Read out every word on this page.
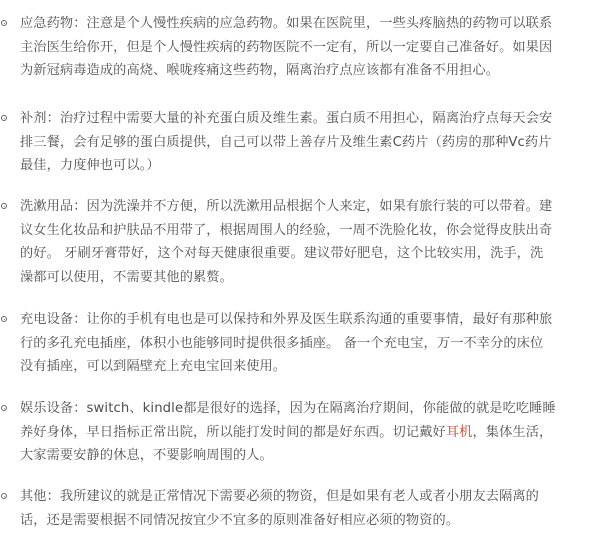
应急药物：注意是个人慢性疾病的应急药物。如果在医院里，一些头疼脑热的药物可以联系
主治医生给你开，但是个人慢性疾病的药物医院不一定有，所以一定要自己准备好。如果因
为新冠病毒造成的高烧、喉咙疼痛这些药物，隔离治疗点应该都有准备不用担心。
补剂：治疗过程中需要大量的补充蛋白质及维生素。蛋白质不用担心，隔离治疗点每天会安
排三餐，会有足够的蛋白质提供，自己可以带上善存片及维生素C药片（药房的那种Vc药片
最佳，力度伸也可以。）
洗漱用品：因为洗澡并不方便，所以洗漱用品根据个人来定，如果有旅行装的可以带着。建
议女生化妆品和护肤品不用带了，根据周围人的经验，一周不洗脸化妆，你会觉得皮肤出奇
的好。 牙刷牙膏带好，这个对每天健康很重要。建议带好肥皂，这个比较实用，洗手，洗
澡都可以使用，不需要其他的累赘。
充电设备：让你的手机有电也是可以保持和外界及医生联系沟通的重要事情，最好有那种旅
行的多孔充电插座，体积小也能够同时提供很多插座。 备一个充电宝，万一不幸分的床位
没有插座，可以到隔壁充上充电宝回来使用。
娱乐设备：switch、kindle都是很好的选择，因为在隔离治疗期间，你能做的就是吃吃睡睡
养好身体，早日指标正常出院，所以能打发时间的都是好东西。切记戴好耳机，集体生活，
大家需要安静的休息，不要影响周围的人。
其他：我所建议的就是正常情况下需要必须的物资，但是如果有老人或者小朋友去隔离的
话，还是需要根据不同情况按宜少不宜多的原则准备好相应必须的物资的。
